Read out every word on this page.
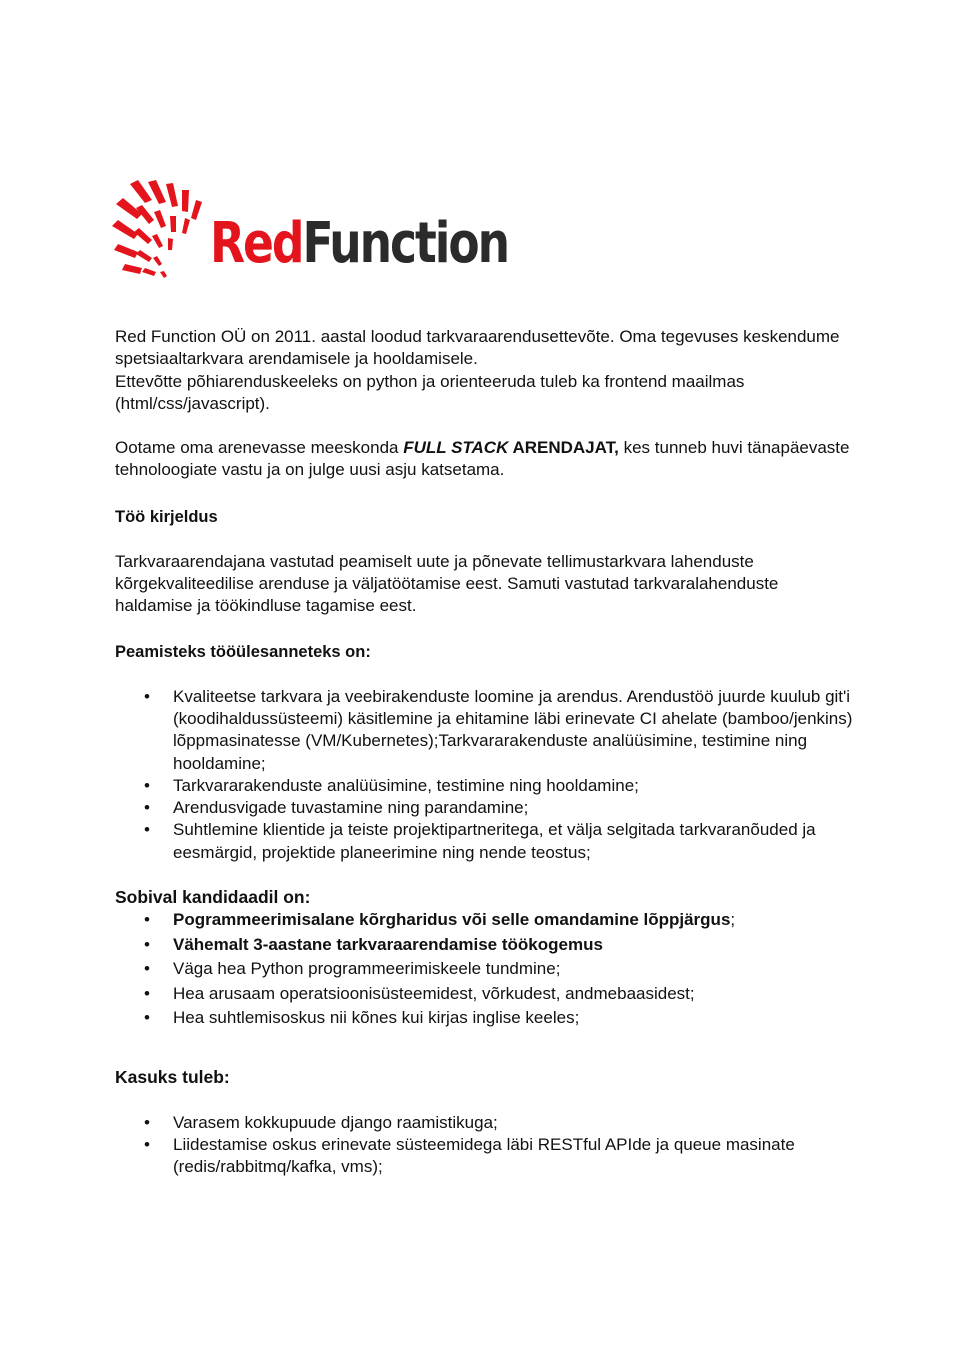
RedFunction

Red Function OÜ on 2011. aastal loodud tarkvaraarendusettevõte. Oma tegevuses keskendume spetsiaaltarkvara arendamisele ja hooldamisele.

Ettevõtte põhiarenduskeeleks on python ja orienteeruda tuleb ka frontend maailmas (html/css/javascript).

Ootame oma arenevasse meeskonda FULL STACK ARENDAJAT, kes tunneb huvi tänapäevaste tehnoloogiate vastu ja on julge uusi asju katsetama.

Töö kirjeldus

Tarkvaraarendajana vastutad peamiselt uute ja põnevate tellimustarkvara lahenduste kõrgekvaliteedilise arenduse ja väljatöötamise eest. Samuti vastutad tarkvaralahenduste haldamise ja töökindluse tagamise eest.

Peamisteks tööülesanneteks on:

• Kvaliteetse tarkvara ja veebirakenduste loomine ja arendus. Arendustöö juurde kuulub git'i (koodihaldussüsteemi) käsitlemine ja ehitamine läbi erinevate CI ahelate (bamboo/jenkins) lõppmasinatesse (VM/Kubernetes);Tarkvararakenduste analüüsimine, testimine ning hooldamine;
• Tarkvararakenduste analüüsimine, testimine ning hooldamine;
• Arendusvigade tuvastamine ning parandamine;
• Suhtlemine klientide ja teiste projektipartneritega, et välja selgitada tarkvaranõuded ja eesmärgid, projektide planeerimine ning nende teostus;

Sobival kandidaadil on:

• Pogrammeerimisalane kõrgharidus või selle omandamine lõppjärgus;
• Vähemalt 3-aastane tarkvaraarendamise töökogemus
• Väga hea Python programmeerimiskeele tundmine;
• Hea arusaam operatsioonisüsteemidest, võrkudest, andmebaasidest;
• Hea suhtlemisoskus nii kõnes kui kirjas inglise keeles;

Kasuks tuleb:

• Varasem kokkupuude django raamistikuga;
• Liidestamise oskus erinevate süsteemidega läbi RESTful APIde ja queue masinate (redis/rabbitmq/kafka, vms);
